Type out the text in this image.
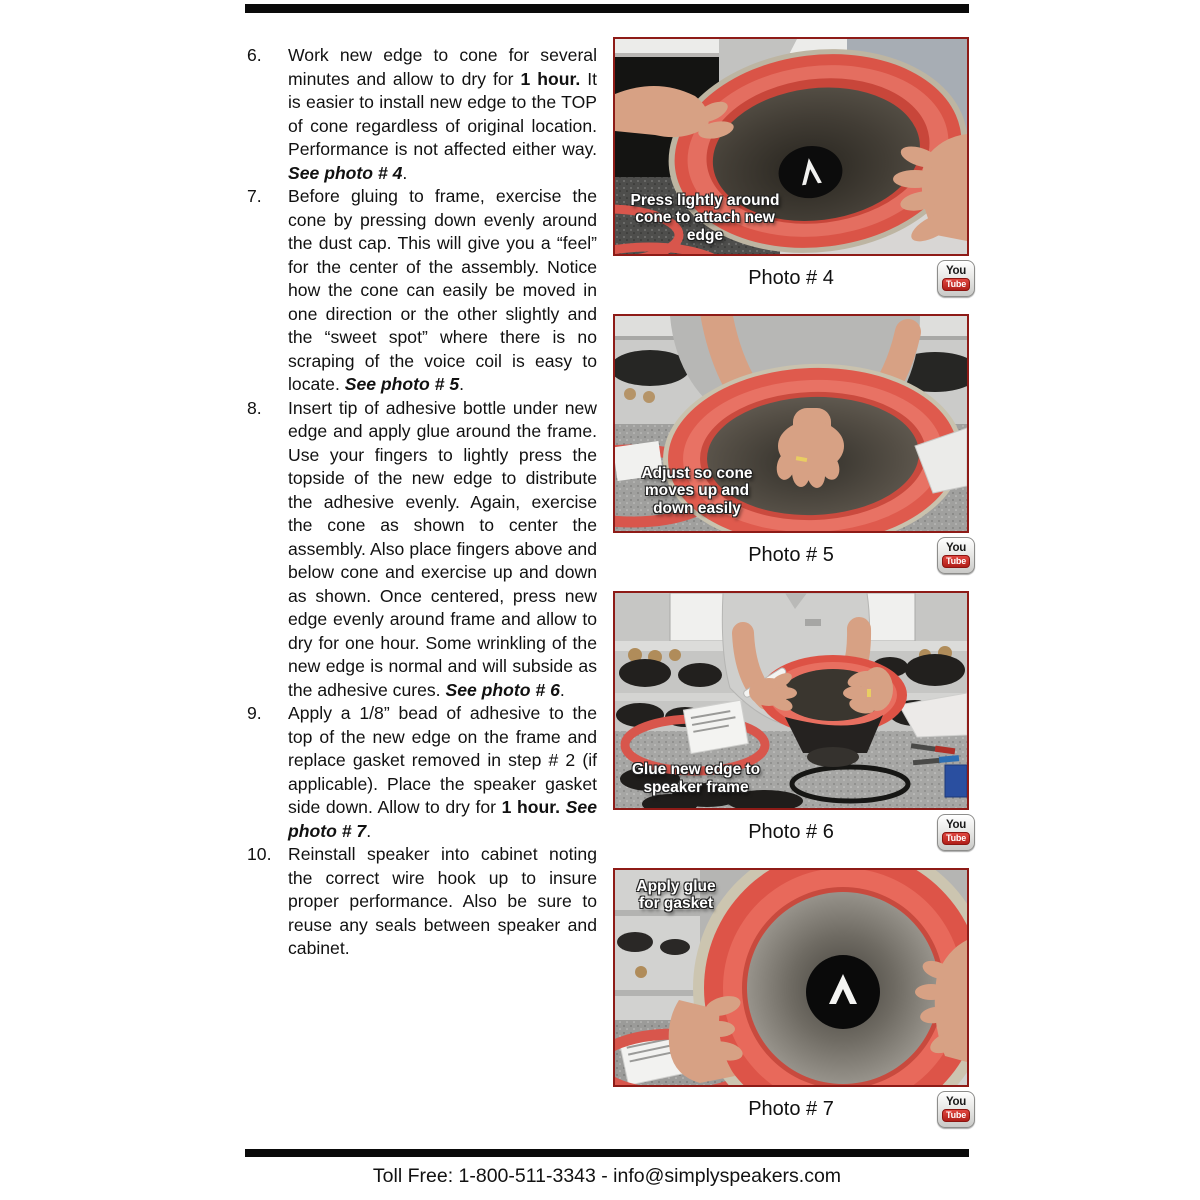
6. Work new edge to cone for several minutes and allow to dry for 1 hour. It is easier to install new edge to the TOP of cone regardless of original location. Performance is not affected either way. See photo # 4.
7. Before gluing to frame, exercise the cone by pressing down evenly around the dust cap. This will give you a “feel” for the center of the assembly. Notice how the cone can easily be moved in one direction or the other slightly and the “sweet spot” where there is no scraping of the voice coil is easy to locate. See photo # 5.
8. Insert tip of adhesive bottle under new edge and apply glue around the frame. Use your fingers to lightly press the topside of the new edge to distribute the adhesive evenly. Again, exercise the cone as shown to center the assembly. Also place fingers above and below cone and exercise up and down as shown. Once centered, press new edge evenly around frame and allow to dry for one hour. Some wrinkling of the new edge is normal and will subside as the adhesive cures. See photo # 6.
9. Apply a 1/8” bead of adhesive to the top of the new edge on the frame and replace gasket removed in step # 2 (if applicable). Place the speaker gasket side down. Allow to dry for 1 hour. See photo # 7.
10. Reinstall speaker into cabinet noting the correct wire hook up to insure proper performance. Also be sure to reuse any seals between speaker and cabinet.
Press lightly around cone to attach new edge
Photo # 4	You
Tube
Adjust so cone moves up and down easily
Photo # 5	You
Tube
Glue new edge to speaker frame
Photo # 6	You
Tube
Apply glue for gasket
Photo # 7	You
Tube
Toll Free: 1-800-511-3343 - info@simplyspeakers.com
